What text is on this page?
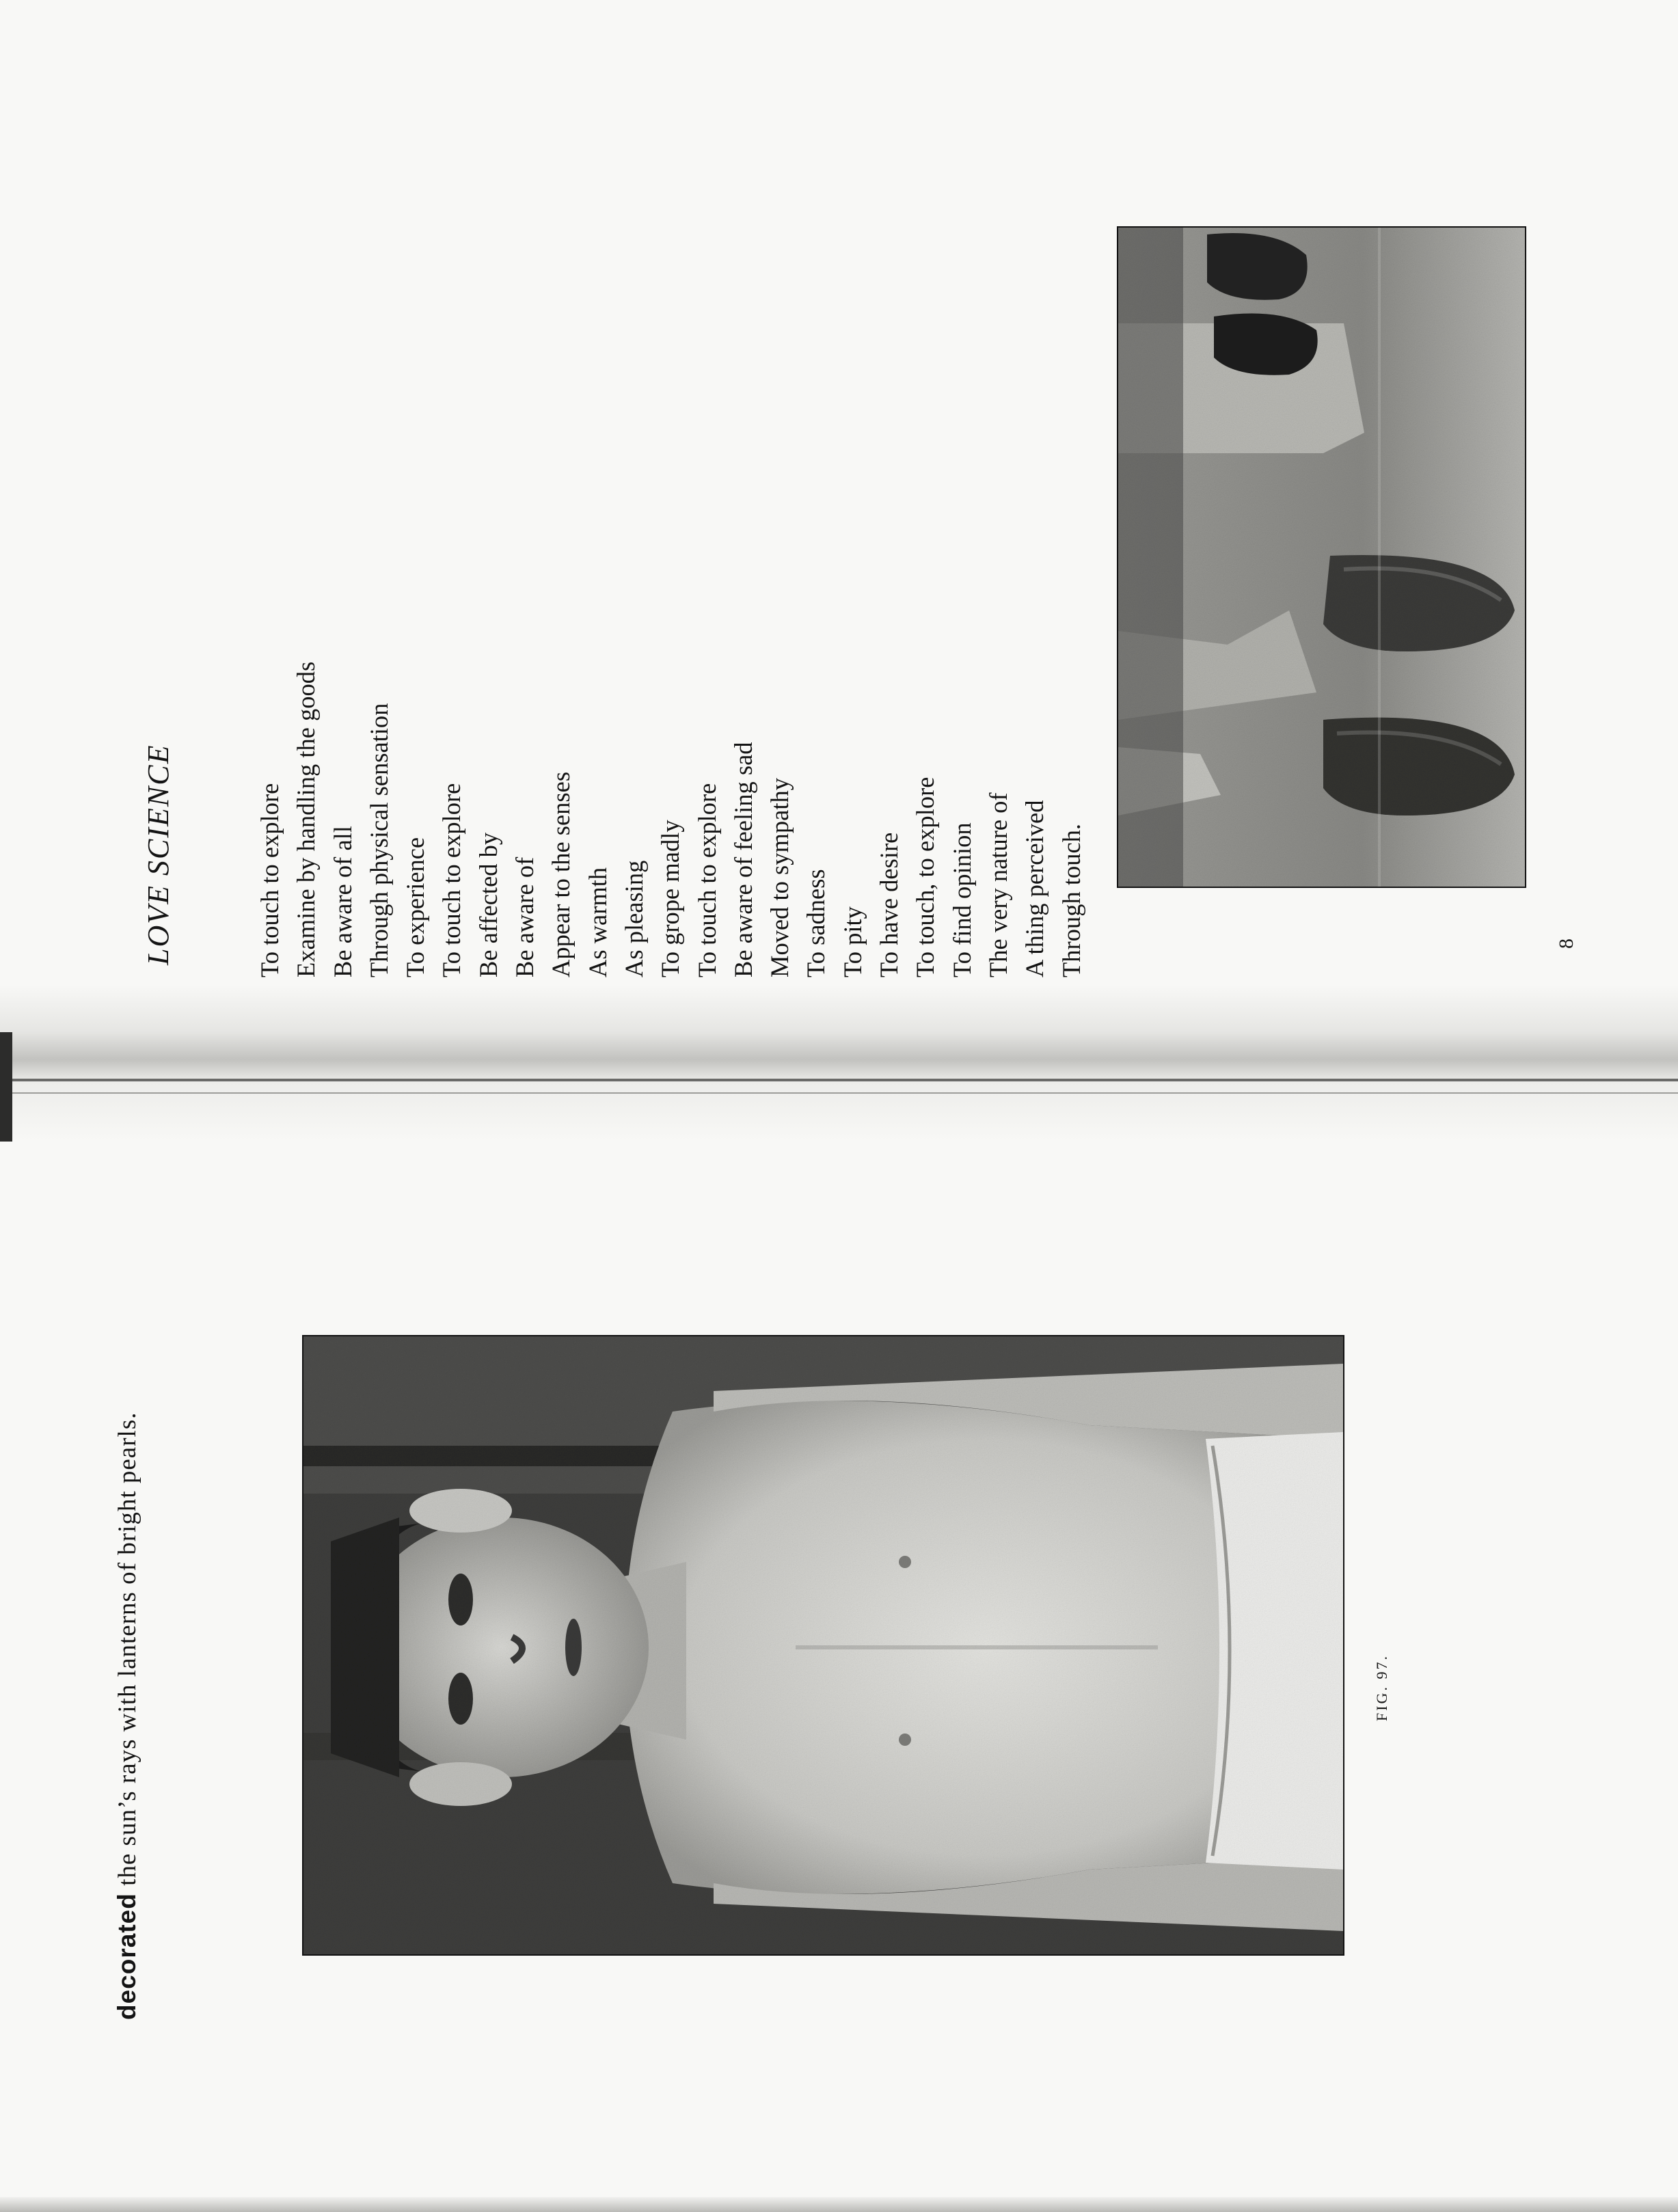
LOVE SCIENCE	To touch to explore Examine by handling the goods Be aware of all Through physical sensation To experience To touch to explore Be affected by Be aware of Appear to the senses As warmth As pleasing To grope madly To touch to explore Be aware of feeling sad Moved to sympathy To sadness To pity To have desire To touch, to explore To find opinion The very nature of A thing perceived Through touch.	8
decorated the sun’s rays with lanterns of bright pearls.	FIG. 97.
